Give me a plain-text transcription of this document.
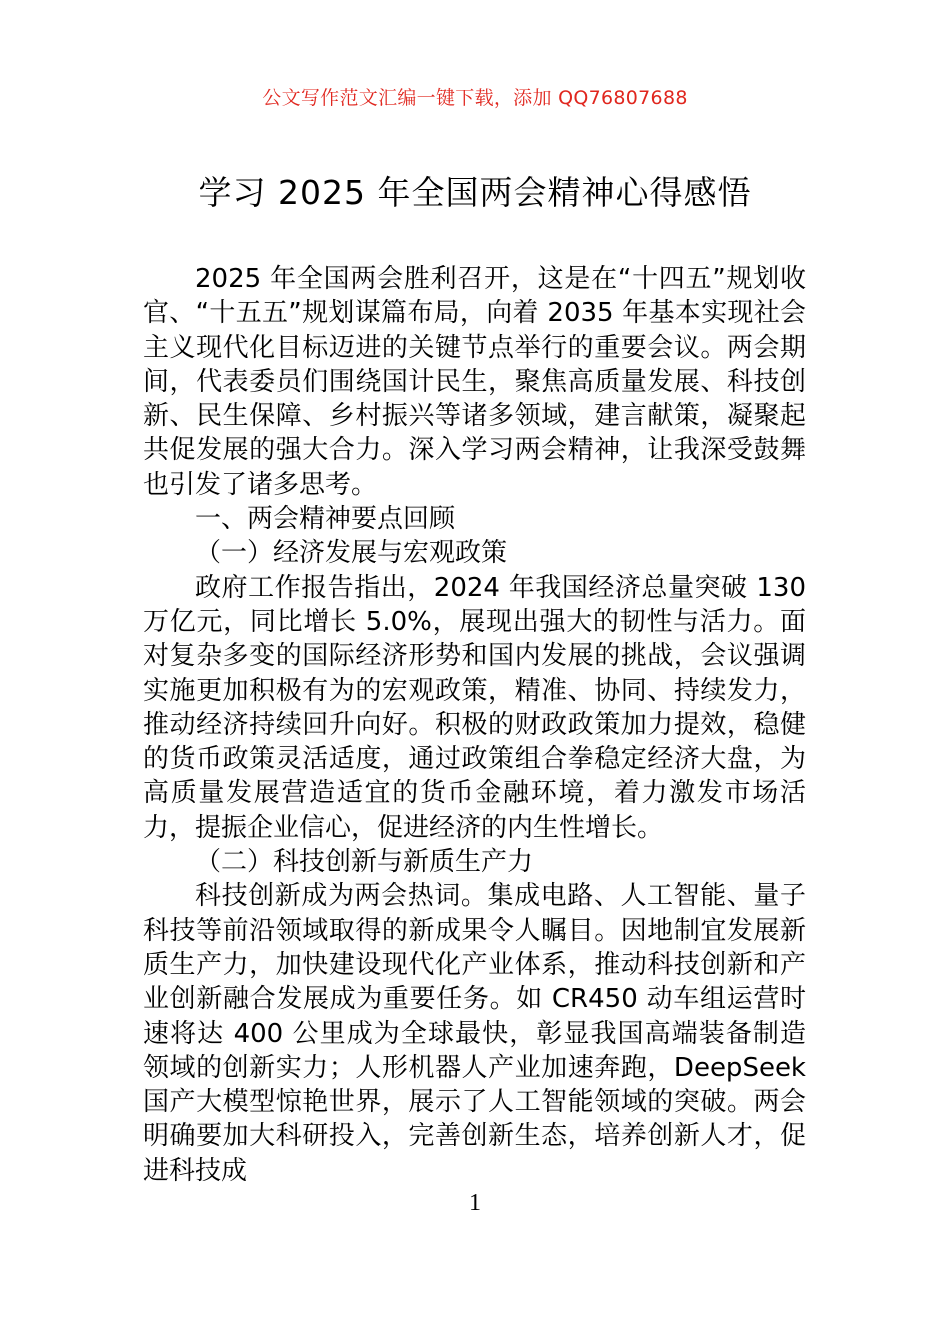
公文写作范文汇编一键下载，添加 QQ76807688
学习 2025 年全国两会精神心得感悟

2025 年全国两会胜利召开，这是在“十四五”规划收官、“十五五”规划谋篇布局，向着 2035 年基本实现社会主义现代化目标迈进的关键节点举行的重要会议。两会期间，代表委员们围绕国计民生，聚焦高质量发展、科技创新、民生保障、乡村振兴等诸多领域，建言献策，凝聚起共促发展的强大合力。深入学习两会精神，让我深受鼓舞也引发了诸多思考。

一、两会精神要点回顾

（一）经济发展与宏观政策

政府工作报告指出，2024 年我国经济总量突破 130 万亿元，同比增长 5.0%，展现出强大的韧性与活力。面对复杂多变的国际经济形势和国内发展的挑战，会议强调实施更加积极有为的宏观政策，精准、协同、持续发力，推动经济持续回升向好。积极的财政政策加力提效，稳健的货币政策灵活适度，通过政策组合拳稳定经济大盘，为高质量发展营造适宜的货币金融环境，着力激发市场活力，提振企业信心，促进经济的内生性增长。

（二）科技创新与新质生产力

科技创新成为两会热词。集成电路、人工智能、量子科技等前沿领域取得的新成果令人瞩目。因地制宜发展新质生产力，加快建设现代化产业体系，推动科技创新和产业创新融合发展成为重要任务。如 CR450 动车组运营时速将达 400 公里成为全球最快，彰显我国高端装备制造领域的创新实力；人形机器人产业加速奔跑，DeepSeek 国产大模型惊艳世界，展示了人工智能领域的突破。两会明确要加大科研投入，完善创新生态，培养创新人才，促进科技成

1
